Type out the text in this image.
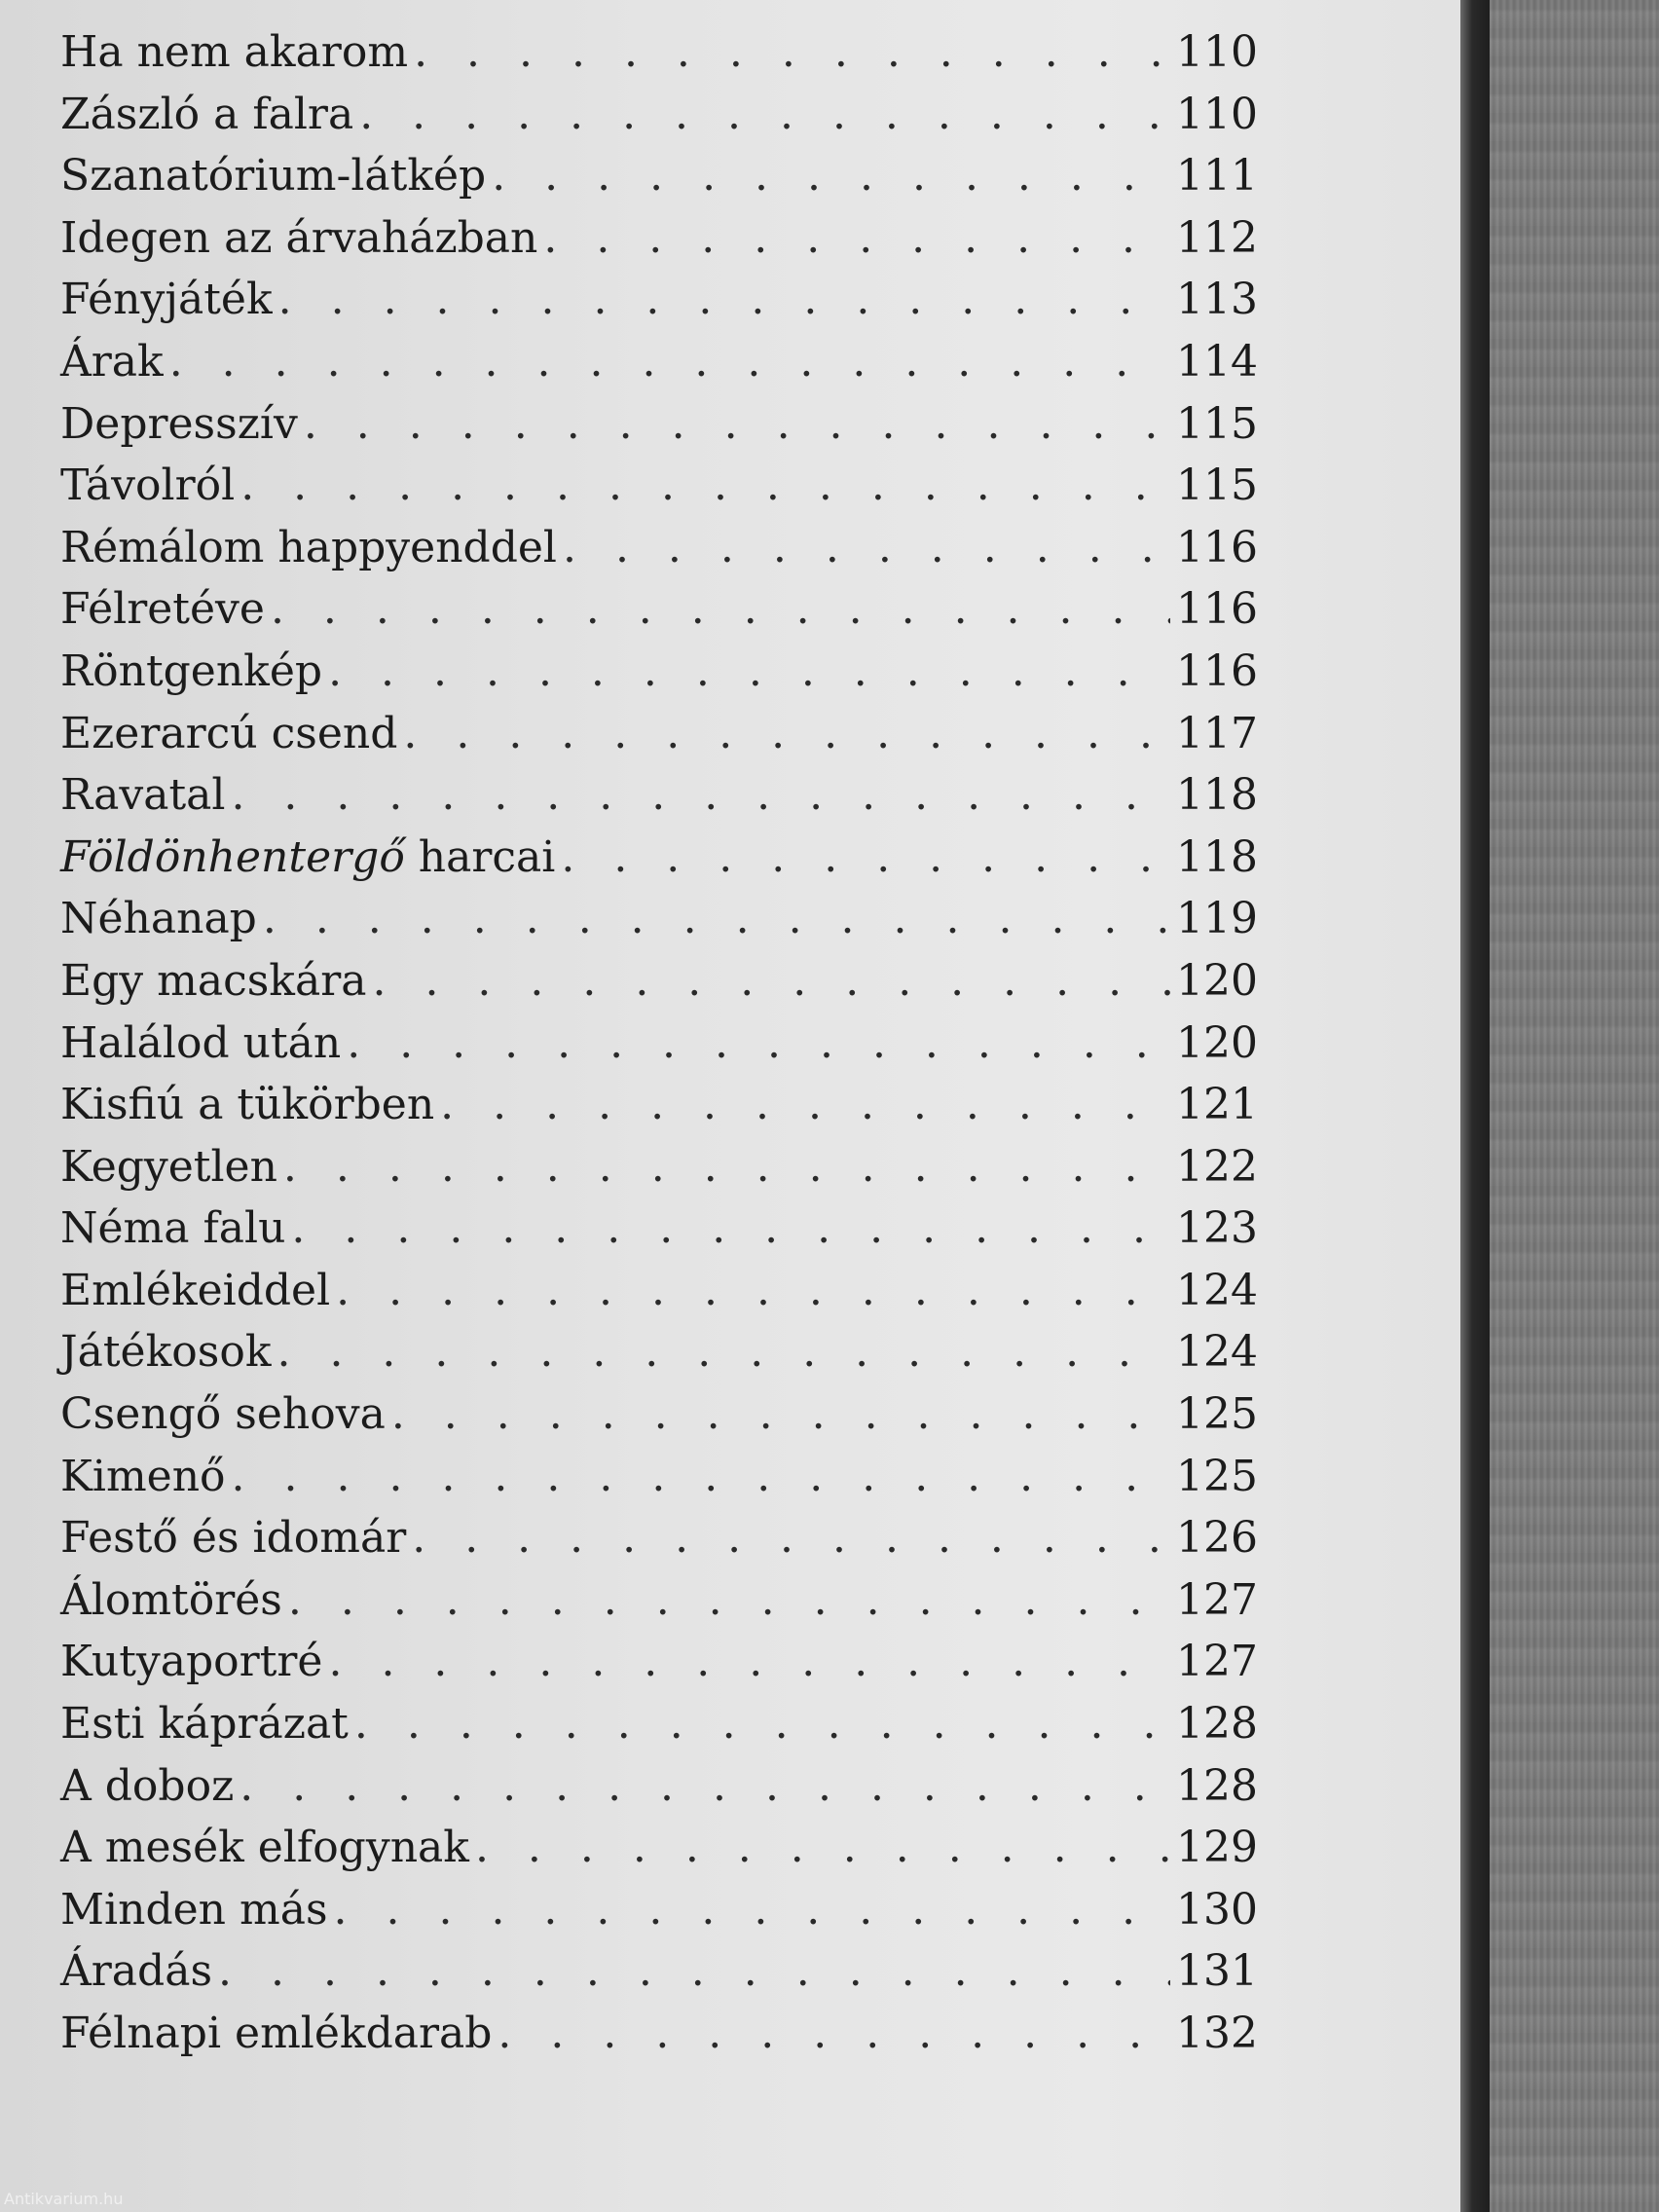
Ha nem akarom . . .	110
Zászló a falra . . .	110
Szanatórium-látkép . . .	111
Idegen az árvaházban . . .	112
Fényjáték . . .	113
Árak . . .	114
Depresszív . . .	115
Távolról . . .	115
Rémálom happyenddel . . .	116
Félretéve . . .	116
Röntgenkép . . .	116
Ezerarcú csend . . .	117
Ravatal . . .	118
Földönhentergő harcai . . .	118
Néhanap . . .	119
Egy macskára . . .	120
Halálod után . . .	120
Kisfiú a tükörben . . .	121
Kegyetlen . . .	122
Néma falu . . .	123
Emlékeiddel . . .	124
Játékosok . . .	124
Csengő sehova . . .	125
Kimenő . . .	125
Festő és idomár . . .	126
Álomtörés . . .	127
Kutyaportré . . .	127
Esti káprázat . . .	128
A doboz . . .	128
A mesék elfogynak . . .	129
Minden más . . .	130
Áradás . . .	131
Félnapi emlékdarab . . .	132
Antikvarium.hu
